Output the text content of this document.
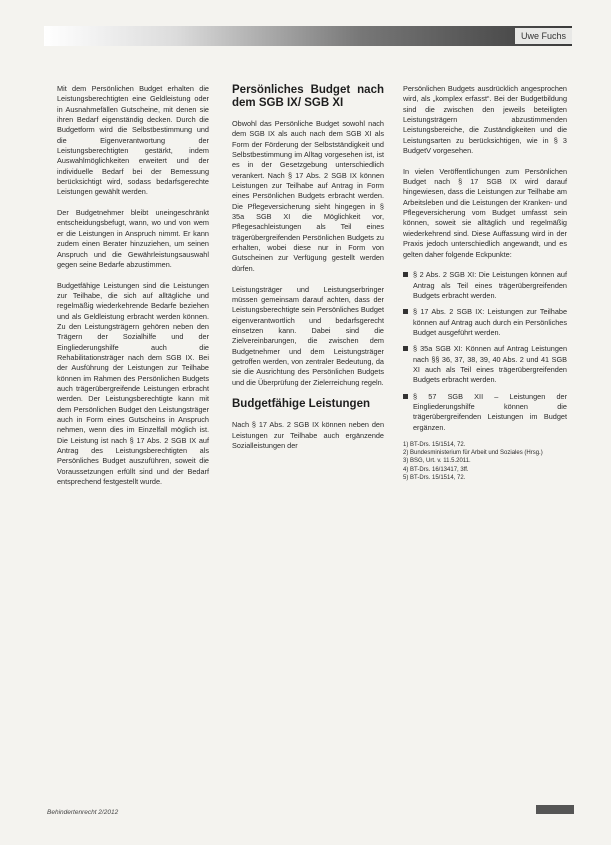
Uwe Fuchs

Mit dem Persönlichen Budget erhalten die Leistungsberechtigten eine Geldleistung oder in Ausnahmefällen Gutscheine, mit denen sie ihren Bedarf eigenständig decken. Durch die Budgetform wird die Selbstbestimmung und die Eigenverantwortung der Leistungsberechtigten gestärkt, indem Auswahlmöglichkeiten erweitert und der individuelle Bedarf bei der Bemessung berücksichtigt wird, sodass bedarfsgerechte Leistungen gewählt werden.

Der Budgetnehmer bleibt uneingeschränkt entscheidungsbefugt, wann, wo und von wem er die Leistungen in Anspruch nimmt. Er kann zudem einen Berater hinzuziehen, um seinen Anspruch und die Gewährleistungsauswahl gegen seine Bedarfe abzustimmen.

Budgetfähige Leistungen sind die Leistungen zur Teilhabe, die sich auf alltägliche und regelmäßig wiederkehrende Bedarfe beziehen und als Geldleistung erbracht werden können. Zu den Leistungsträgern gehören neben den Trägern der Sozialhilfe und der Eingliederungshilfe auch die Rehabilitationsträger nach dem SGB IX. Bei der Ausführung der Leistungen zur Teilhabe können im Rahmen des Persönlichen Budgets auch trägerübergreifende Leistungen erbracht werden. Der Leistungsberechtigte kann mit dem Persönlichen Budget den Leistungsträger auch in Form eines Gutscheins in Anspruch nehmen, wenn dies im Einzelfall möglich ist. Die Leistung ist nach § 17 Abs. 2 SGB IX auf Antrag des Leistungsberechtigten als Persönliches Budget auszuführen, soweit die Voraussetzungen erfüllt sind und der Bedarf entsprechend festgestellt wurde.

Persönliches Budget nach dem SGB IX/ SGB XI

Obwohl das Persönliche Budget sowohl nach dem SGB IX als auch nach dem SGB XI als Form der Förderung der Selbstständigkeit und Selbstbestimmung im Alltag vorgesehen ist, ist es in der Gesetzgebung unterschiedlich verankert. Nach § 17 Abs. 2 SGB IX können Leistungen zur Teilhabe auf Antrag in Form eines Persönlichen Budgets erbracht werden. Die Pflegeversicherung sieht hingegen in § 35a SGB XI die Möglichkeit vor, Pflegesachleistungen als Teil eines trägerübergreifenden Persönlichen Budgets zu erhalten, wobei diese nur in Form von Gutscheinen zur Verfügung gestellt werden dürfen.

Leistungsträger und Leistungserbringer müssen gemeinsam darauf achten, dass der Leistungsberechtigte sein Persönliches Budget eigenverantwortlich und bedarfsgerecht einsetzen kann. Dabei sind die Zielvereinbarungen, die zwischen dem Budgetnehmer und dem Leistungsträger getroffen werden, von zentraler Bedeutung, da sie die Ausrichtung des Persönlichen Budgets und die Überprüfung der Zielerreichung regeln.

Budgetfähige Leistungen

Nach § 17 Abs. 2 SGB IX können neben den Leistungen zur Teilhabe auch ergänzende Sozialleistungen der

Persönlichen Budgets ausdrücklich angesprochen wird, als „komplex erfasst“. Bei der Budgetbildung sind die zwischen den jeweils beteiligten Leistungsträgern abzustimmenden Leistungsbereiche, die Zuständigkeiten und die Leistungsarten zu berücksichtigen, wie in § 3 BudgetV vorgesehen.

In vielen Veröffentlichungen zum Persönlichen Budget nach § 17 SGB IX wird darauf hingewiesen, dass die Leistungen zur Teilhabe am Arbeitsleben und die Leistungen der Kranken- und Pflegeversicherung vom Budget umfasst sein können, soweit sie alltäglich und regelmäßig wiederkehrend sind. Diese Auffassung wird in der Praxis jedoch unterschiedlich angewandt, und es gelten daher folgende Eckpunkte:

§ 2 Abs. 2 SGB XI: Die Leistungen können auf Antrag als Teil eines trägerübergreifenden Budgets erbracht werden.
§ 17 Abs. 2 SGB IX: Leistungen zur Teilhabe können auf Antrag auch durch ein Persönliches Budget ausgeführt werden.
§ 35a SGB XI: Können auf Antrag Leistungen nach §§ 36, 37, 38, 39, 40 Abs. 2 und 41 SGB XI auch als Teil eines trägerübergreifenden Budgets erbracht werden.
§ 57 SGB XII – Leistungen der Eingliederungshilfe können die trägerübergreifenden Leistungen im Budget ergänzen.
1) BT-Drs. 15/1514, 72.
2) Bundesministerium für Arbeit und Soziales (Hrsg.)
3) BSG, Urt. v. 11.5.2011.
4) BT-Drs. 16/13417, 3ff.
5) BT-Drs. 15/1514, 72.
Behindertenrecht 2/2012
